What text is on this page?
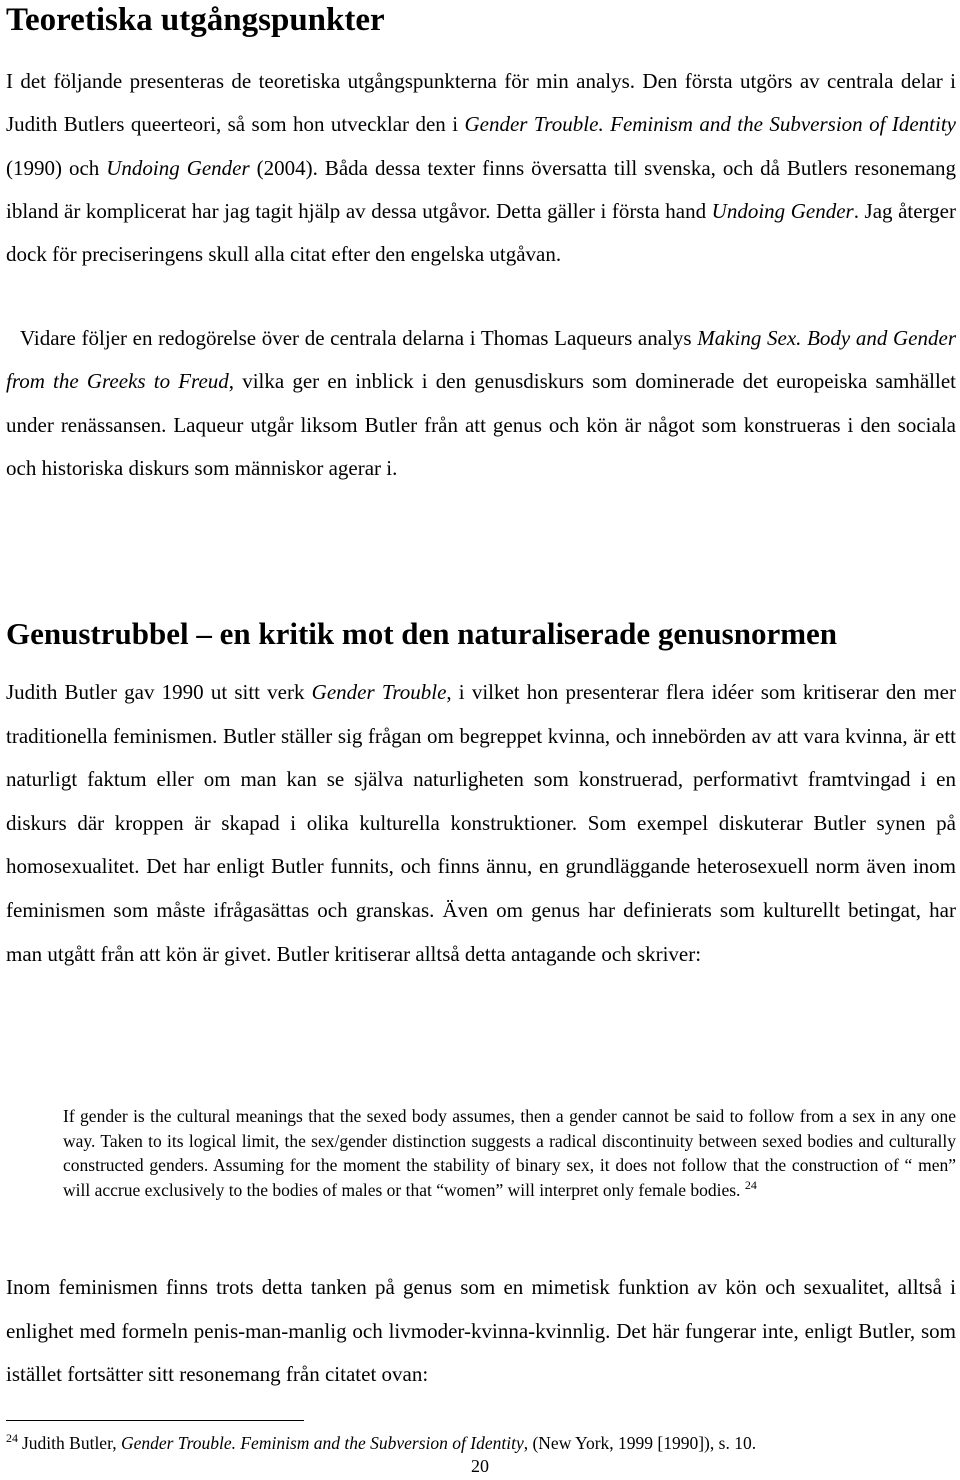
Teoretiska utgångspunkter

I det följande presenteras de teoretiska utgångspunkterna för min analys. Den första utgörs av centrala delar i Judith Butlers queerteori, så som hon utvecklar den i Gender Trouble. Feminism and the Subversion of Identity (1990) och Undoing Gender (2004). Båda dessa texter finns översatta till svenska, och då Butlers resonemang ibland är komplicerat har jag tagit hjälp av dessa utgåvor. Detta gäller i första hand Undoing Gender. Jag återger dock för preciseringens skull alla citat efter den engelska utgåvan.

Vidare följer en redogörelse över de centrala delarna i Thomas Laqueurs analys Making Sex. Body and Gender from the Greeks to Freud, vilka ger en inblick i den genusdiskurs som dominerade det europeiska samhället under renässansen. Laqueur utgår liksom Butler från att genus och kön är något som konstrueras i den sociala och historiska diskurs som människor agerar i.

Genustrubbel – en kritik mot den naturaliserade genusnormen

Judith Butler gav 1990 ut sitt verk Gender Trouble, i vilket hon presenterar flera idéer som kritiserar den mer traditionella feminismen. Butler ställer sig frågan om begreppet kvinna, och innebörden av att vara kvinna, är ett naturligt faktum eller om man kan se själva naturligheten som konstruerad, performativt framtvingad i en diskurs där kroppen är skapad i olika kulturella konstruktioner. Som exempel diskuterar Butler synen på homosexualitet. Det har enligt Butler funnits, och finns ännu, en grundläggande heterosexuell norm även inom feminismen som måste ifrågasättas och granskas. Även om genus har definierats som kulturellt betingat, har man utgått från att kön är givet. Butler kritiserar alltså detta antagande och skriver:

If gender is the cultural meanings that the sexed body assumes, then a gender cannot be said to follow from a sex in any one way. Taken to its logical limit, the sex/gender distinction suggests a radical discontinuity between sexed bodies and culturally constructed genders. Assuming for the moment the stability of binary sex, it does not follow that the construction of “ men” will accrue exclusively to the bodies of males or that “women” will interpret only female bodies. $^{24}$

Inom feminismen finns trots detta tanken på genus som en mimetisk funktion av kön och sexualitet, alltså i enlighet med formeln penis-man-manlig och livmoder-kvinna-kvinnlig. Det här fungerar inte, enligt Butler, som istället fortsätter sitt resonemang från citatet ovan:

$^{24}$ Judith Butler, Gender Trouble. Feminism and the Subversion of Identity, (New York, 1999 [1990]), s. 10.
20
